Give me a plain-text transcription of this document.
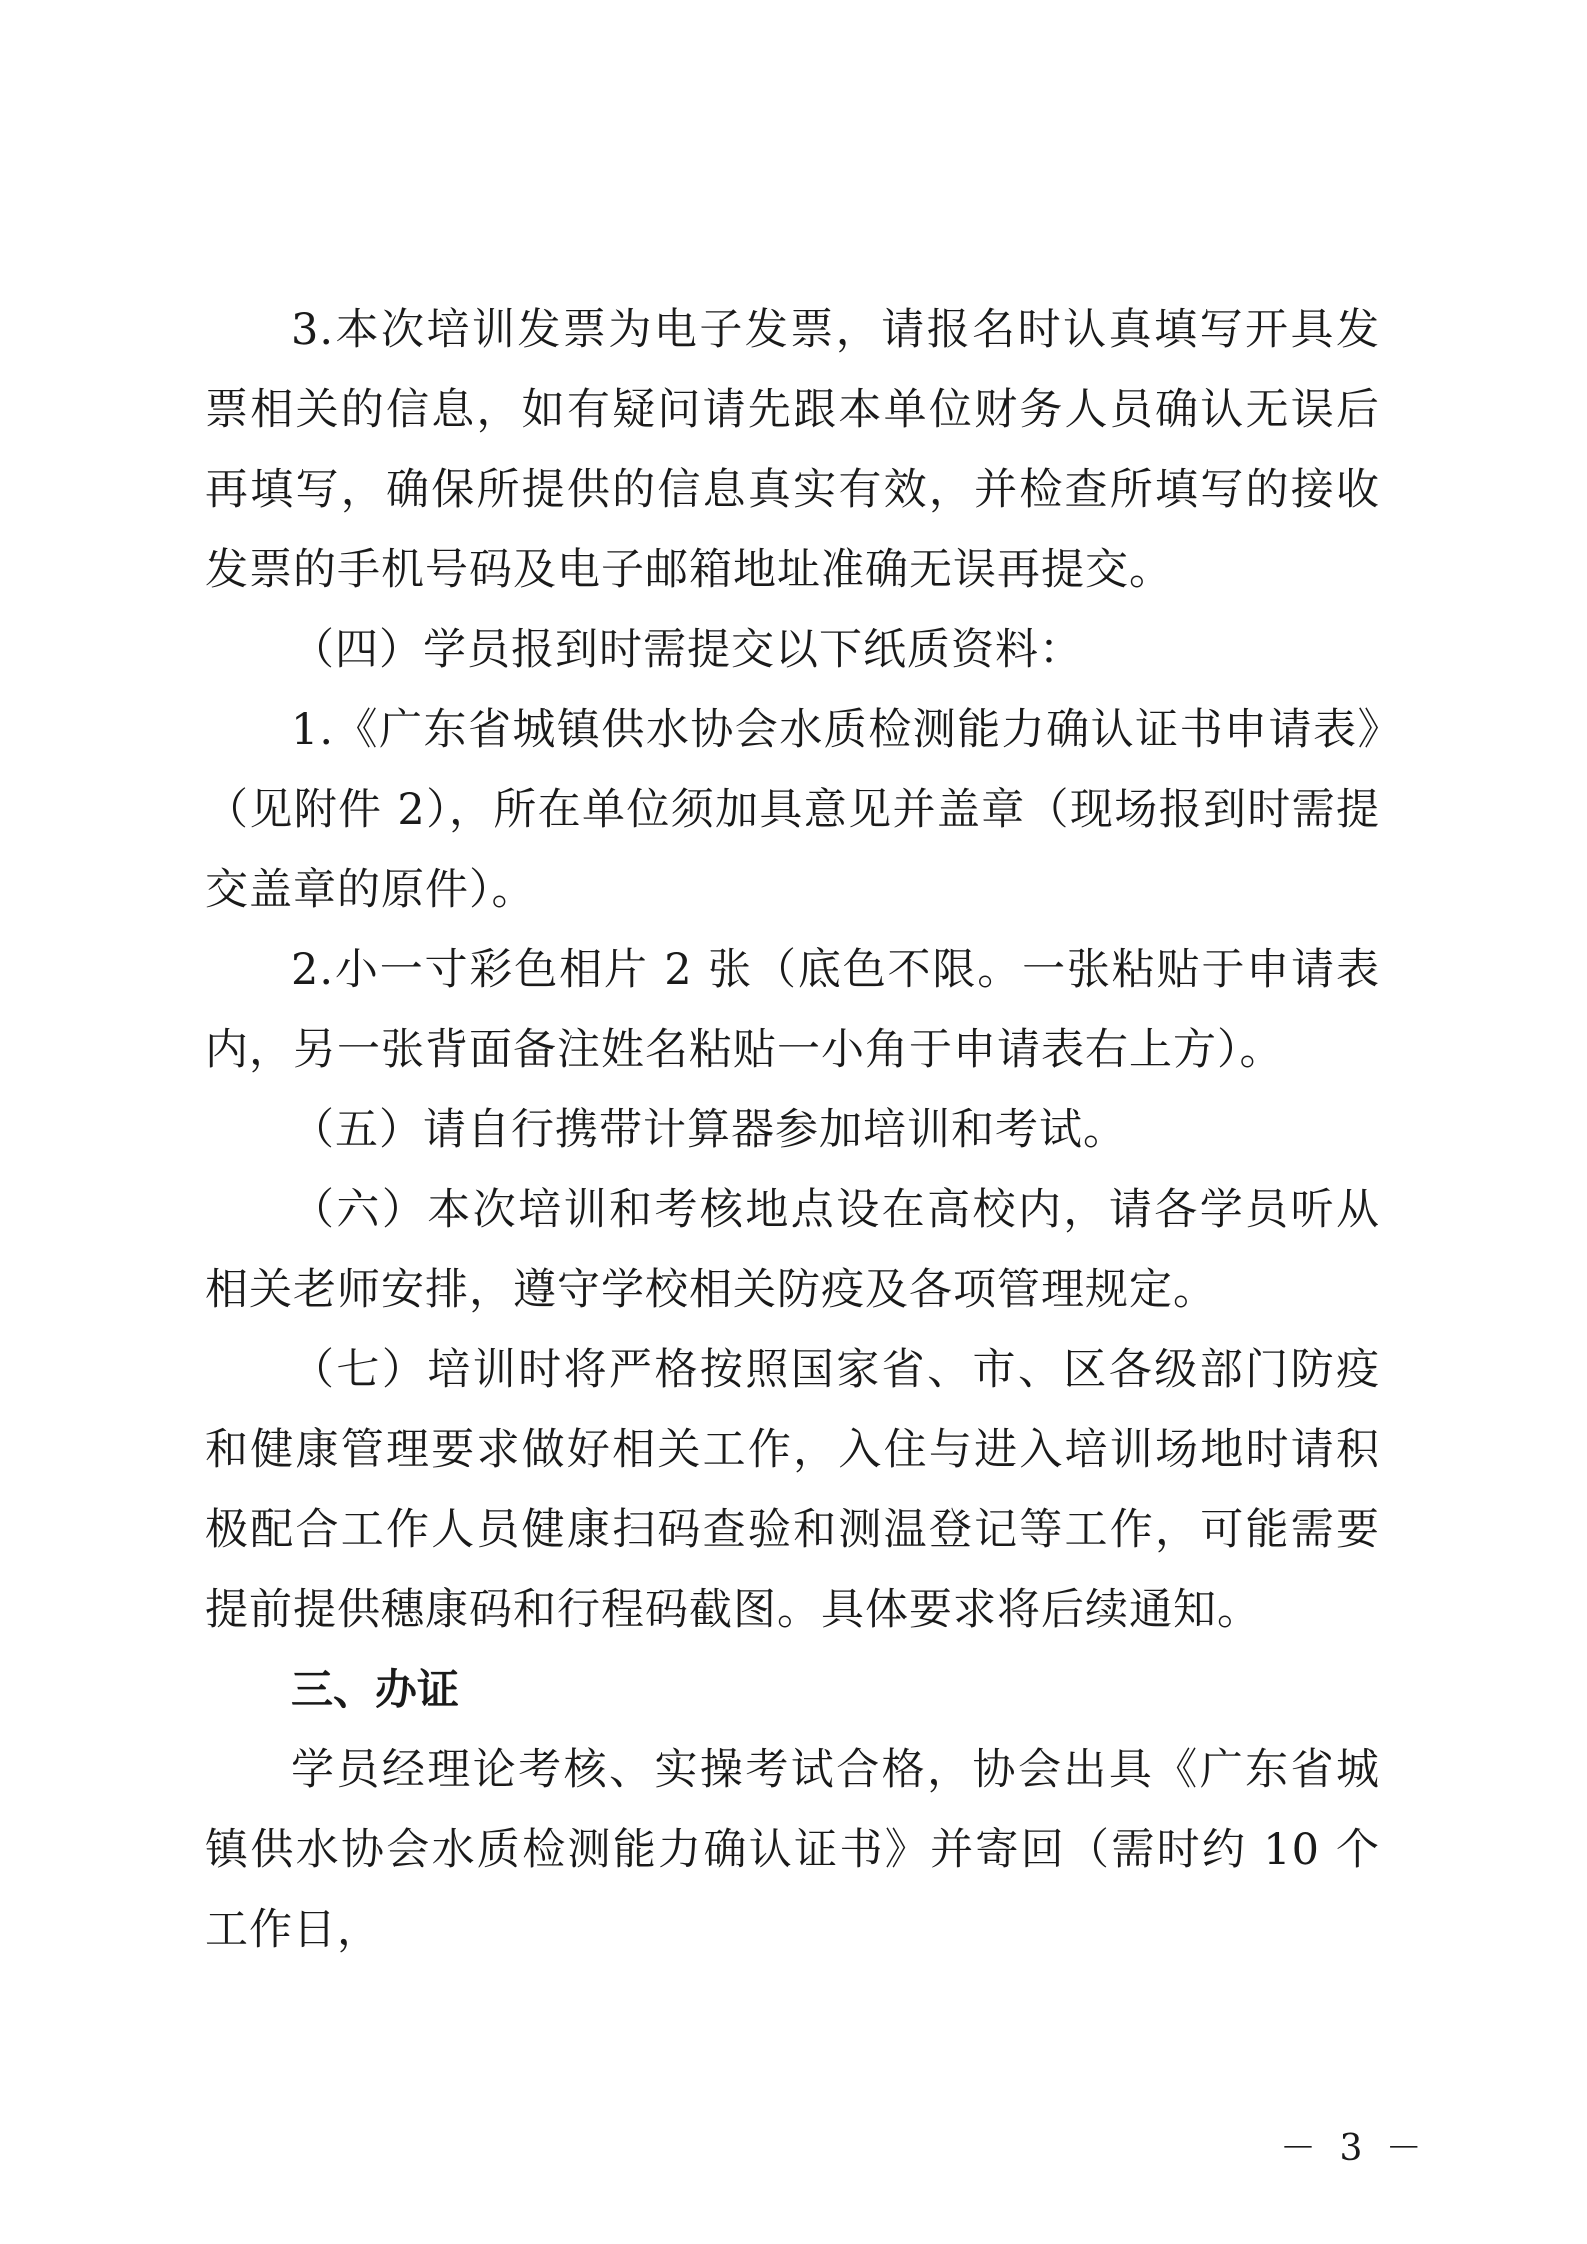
3.本次培训发票为电子发票，请报名时认真填写开具发票相关的信息，如有疑问请先跟本单位财务人员确认无误后再填写，确保所提供的信息真实有效，并检查所填写的接收发票的手机号码及电子邮箱地址准确无误再提交。

（四）学员报到时需提交以下纸质资料：

1.《广东省城镇供水协会水质检测能力确认证书申请表》（见附件 2），所在单位须加具意见并盖章（现场报到时需提交盖章的原件）。

2.小一寸彩色相片 2 张（底色不限。一张粘贴于申请表内，另一张背面备注姓名粘贴一小角于申请表右上方）。

（五）请自行携带计算器参加培训和考试。

（六）本次培训和考核地点设在高校内，请各学员听从相关老师安排，遵守学校相关防疫及各项管理规定。

（七）培训时将严格按照国家省、市、区各级部门防疫和健康管理要求做好相关工作，入住与进入培训场地时请积极配合工作人员健康扫码查验和测温登记等工作，可能需要提前提供穗康码和行程码截图。具体要求将后续通知。

三、办证

学员经理论考核、实操考试合格，协会出具《广东省城镇供水协会水质检测能力确认证书》并寄回（需时约 10 个工作日，

－ 3 －
